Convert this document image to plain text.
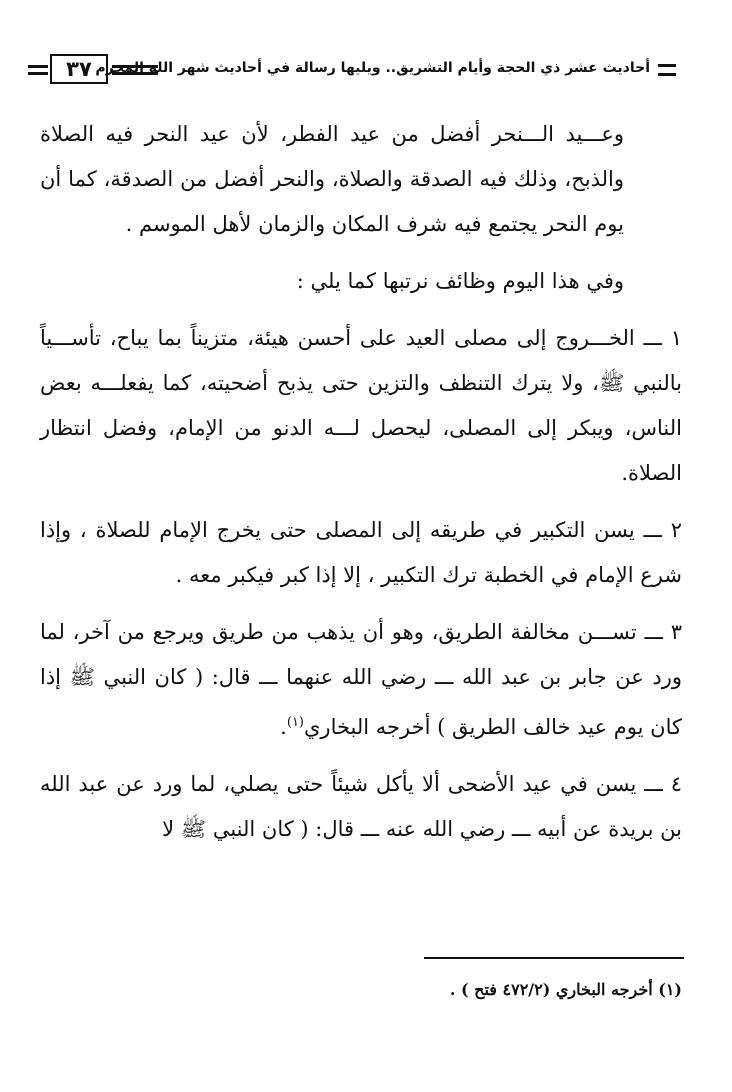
٣٧ أحاديث عشر ذي الحجة وأيام التشريق.. ويليها رسالة في أحاديث شهر الله المحرم

وعـــيد الـــنحر أفضل من عيد الفطر، لأن عيد النحر فيه الصلاة والذبح، وذلك فيه الصدقة والصلاة، والنحر أفضل من الصدقة، كما أن يوم النحر يجتمع فيه شرف المكان والزمان لأهل الموسم .

وفي هذا اليوم وظائف نرتبها كما يلي :

١ ـــ الخـــروج إلى مصلى العيد على أحسن هيئة، متزيناً بما يباح، تأســـياً بالنبي ﷺ، ولا يترك التنظف والتزين حتى يذبح أضحيته، كما يفعلـــه بعض الناس، ويبكر إلى المصلى، ليحصل لـــه الدنو من الإمام، وفضل انتظار الصلاة.

٢ ـــ يسن التكبير في طريقه إلى المصلى حتى يخرج الإمام للصلاة ، وإذا شرع الإمام في الخطبة ترك التكبير ، إلا إذا كبر فيكبر معه .

٣ ـــ تســـن مخالفة الطريق، وهو أن يذهب من طريق ويرجع من آخر، لما ورد عن جابر بن عبد الله ـــ رضي الله عنهما ـــ قال: ( كان النبي ﷺ إذا كان يوم عيد خالف الطريق ) أخرجه البخاري$^{(١)}$.

٤ ـــ يسن في عيد الأضحى ألا يأكل شيئاً حتى يصلي، لما ورد عن عبد الله بن بريدة عن أبيه ـــ رضي الله عنه ـــ قال: ( كان النبي ﷺ لا

(١) أخرجه البخاري (٤٧٢/٢ فتح ) .
